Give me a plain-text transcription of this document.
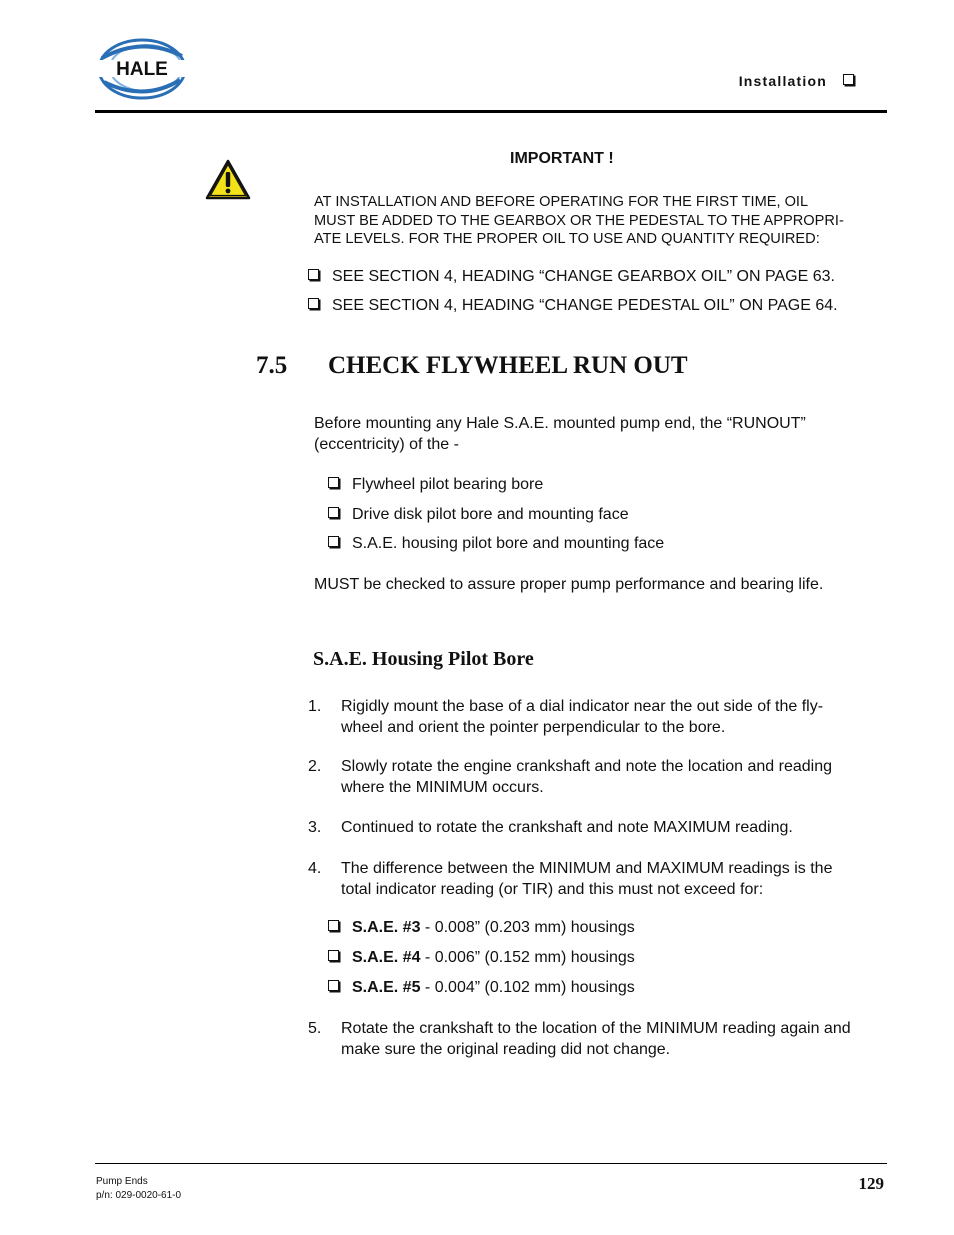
HALE
Installation
IMPORTANT !
AT INSTALLATION AND BEFORE OPERATING FOR THE FIRST TIME, OIL
MUST BE ADDED TO THE GEARBOX OR THE PEDESTAL TO THE APPROPRI-
ATE LEVELS. FOR THE PROPER OIL TO USE AND QUANTITY REQUIRED:
SEE SECTION 4, HEADING “CHANGE GEARBOX OIL” ON PAGE 63.
SEE SECTION 4, HEADING “CHANGE PEDESTAL OIL” ON PAGE 64.
7.5 CHECK FLYWHEEL RUN OUT
Before mounting any Hale S.A.E. mounted pump end, the “RUNOUT”
(eccentricity) of the -
Flywheel pilot bearing bore
Drive disk pilot bore and mounting face
S.A.E. housing pilot bore and mounting face
MUST be checked to assure proper pump performance and bearing life.
S.A.E. Housing Pilot Bore
1. Rigidly mount the base of a dial indicator near the out side of the fly-
wheel and orient the pointer perpendicular to the bore.
2. Slowly rotate the engine crankshaft and note the location and reading
where the MINIMUM occurs.
3. Continued to rotate the crankshaft and note MAXIMUM reading.
4. The difference between the MINIMUM and MAXIMUM readings is the
total indicator reading (or TIR) and this must not exceed for:
S.A.E. #3 - 0.008” (0.203 mm) housings
S.A.E. #4 - 0.006” (0.152 mm) housings
S.A.E. #5 - 0.004” (0.102 mm) housings
5. Rotate the crankshaft to the location of the MINIMUM reading again and
make sure the original reading did not change.
Pump Ends
p/n: 029-0020-61-0
129
